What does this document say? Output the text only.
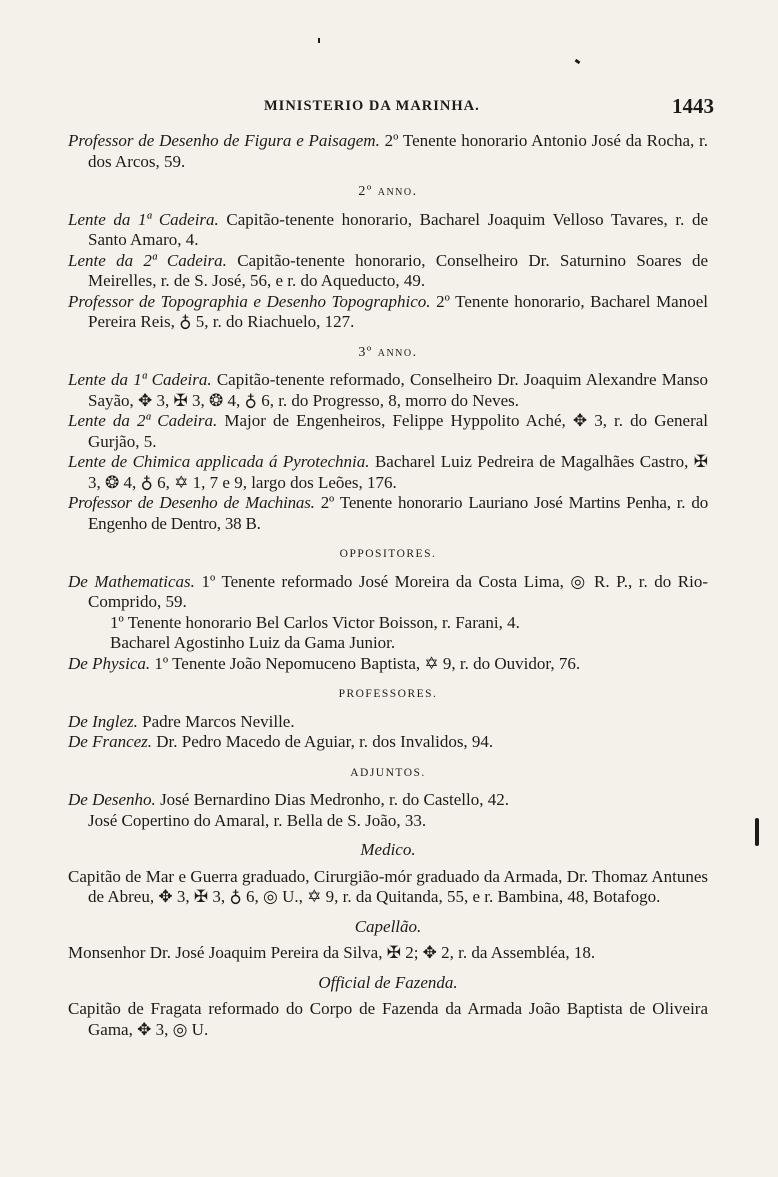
MINISTERIO DA MARINHA.	1443
Professor de Desenho de Figura e Paisagem. 2º Tenente honorario Antonio José da Rocha, r. dos Arcos, 59.
2º anno.
Lente da 1ª Cadeira. Capitão-tenente honorario, Bacharel Joaquim Velloso Tavares, r. de Santo Amaro, 4.
Lente da 2ª Cadeira. Capitão-tenente honorario, Conselheiro Dr. Saturnino Soares de Meirelles, r. de S. José, 56, e r. do Aqueducto, 49.
Professor de Topographia e Desenho Topographico. 2º Tenente honorario, Bacharel Manoel Pereira Reis, ♁ 5, r. do Riachuelo, 127.
3º anno.
Lente da 1ª Cadeira. Capitão-tenente reformado, Conselheiro Dr. Joaquim Alexandre Manso Sayão, ✥ 3, ✠ 3, ❂ 4, ♁ 6, r. do Progresso, 8, morro do Neves.
Lente da 2ª Cadeira. Major de Engenheiros, Felippe Hyppolito Aché, ✥ 3, r. do General Gurjão, 5.
Lente de Chimica applicada á Pyrotechnia. Bacharel Luiz Pedreira de Magalhães Castro, ✠ 3, ❂ 4, ♁ 6, ✡ 1, 7 e 9, largo dos Leões, 176.
Professor de Desenho de Machinas. 2º Tenente honorario Lauriano José Martins Penha, r. do Engenho de Dentro, 38 B.
OPPOSITORES.
De Mathematicas. 1º Tenente reformado José Moreira da Costa Lima, ◎ R. P., r. do Rio-Comprido, 59.
1º Tenente honorario Bel Carlos Victor Boisson, r. Farani, 4.
Bacharel Agostinho Luiz da Gama Junior.
De Physica. 1º Tenente João Nepomuceno Baptista, ✡ 9, r. do Ouvidor, 76.
PROFESSORES.
De Inglez. Padre Marcos Neville.
De Francez. Dr. Pedro Macedo de Aguiar, r. dos Invalidos, 94.
ADJUNTOS.
De Desenho. José Bernardino Dias Medronho, r. do Castello, 42.
José Copertino do Amaral, r. Bella de S. João, 33.
Medico.
Capitão de Mar e Guerra graduado, Cirurgião-mór graduado da Armada, Dr. Thomaz Antunes de Abreu, ✥ 3, ✠ 3, ♁ 6, ◎ U., ✡ 9, r. da Quitanda, 55, e r. Bambina, 48, Botafogo.
Capellão.
Monsenhor Dr. José Joaquim Pereira da Silva, ✠ 2; ✥ 2, r. da Assembléa, 18.
Official de Fazenda.
Capitão de Fragata reformado do Corpo de Fazenda da Armada João Baptista de Oliveira Gama, ✥ 3, ◎ U.
